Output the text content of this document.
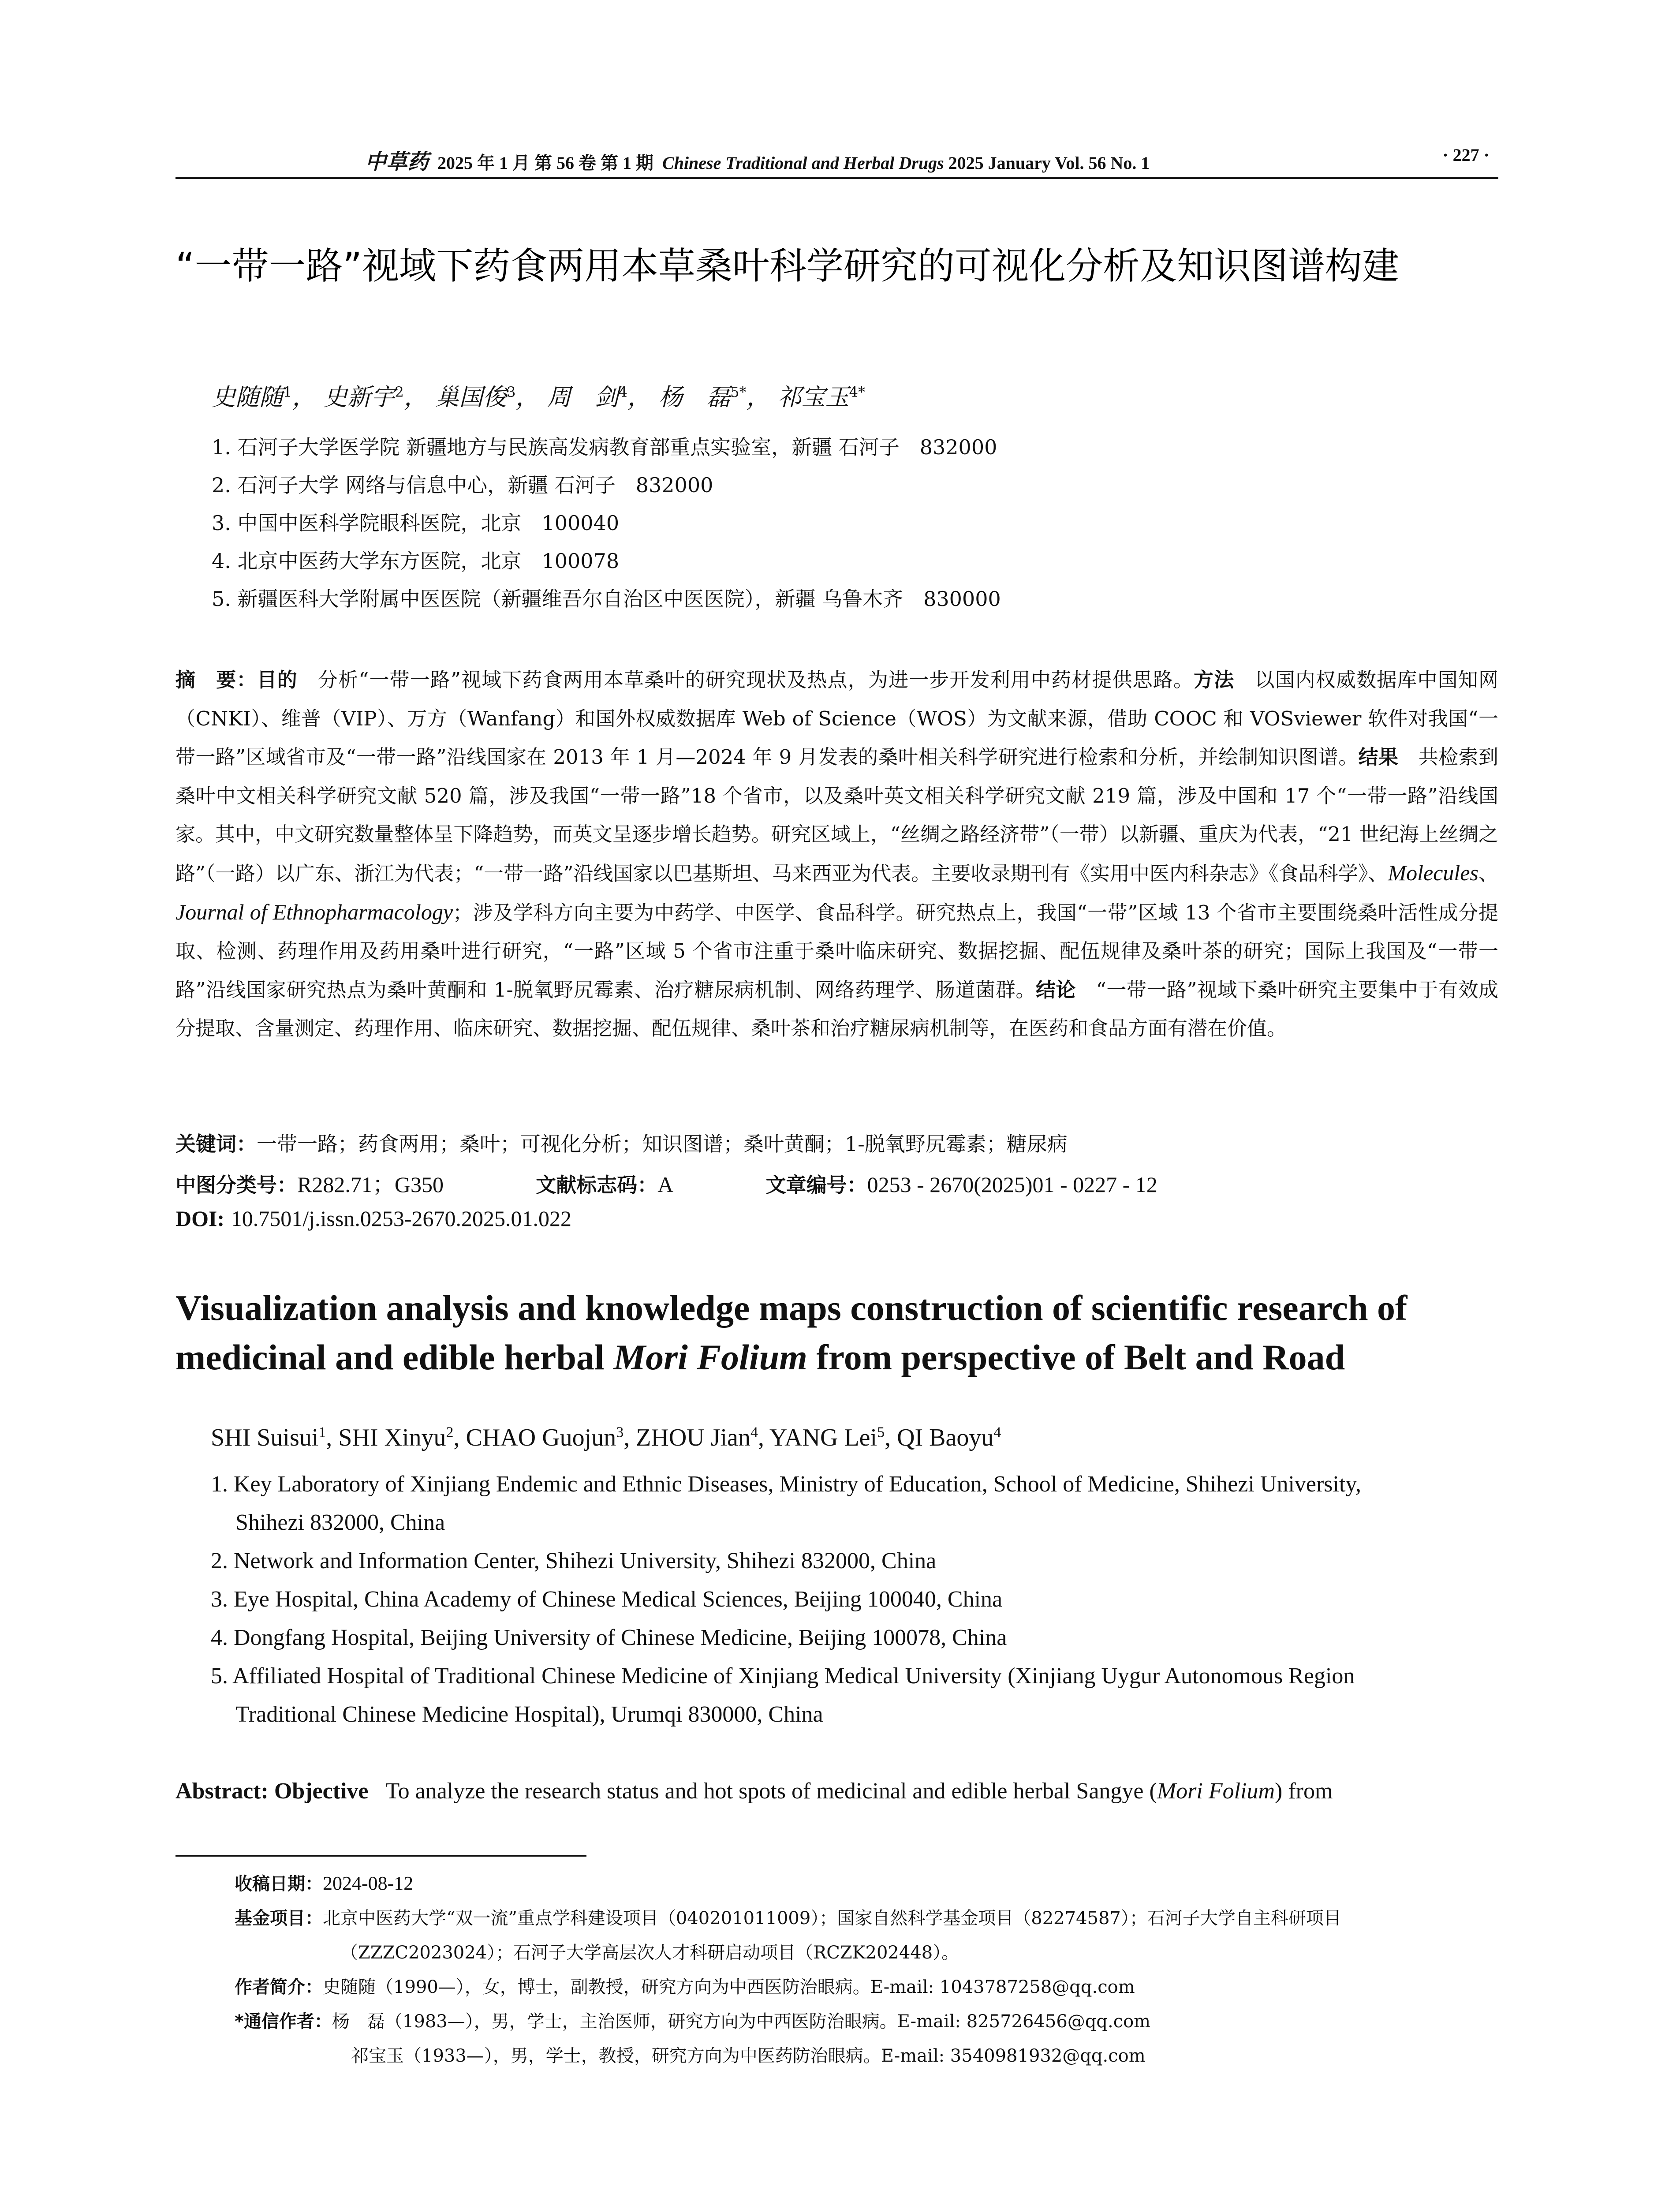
中草药 2025 年 1 月 第 56 卷 第 1 期 Chinese Traditional and Herbal Drugs 2025 January Vol. 56 No. 1	· 227 ·
“一带一路”视域下药食两用本草桑叶科学研究的可视化分析及知识图谱构建
史随随$^1$， 史新宇$^2$， 巢国俊$^3$， 周　剑$^4$， 杨　磊$^{5*}$， 祁宝玉$^{4*}$
1. 石河子大学医学院 新疆地方与民族高发病教育部重点实验室，新疆 石河子　832000
2. 石河子大学 网络与信息中心，新疆 石河子　832000
3. 中国中医科学院眼科医院，北京　100040
4. 北京中医药大学东方医院，北京　100078
5. 新疆医科大学附属中医医院（新疆维吾尔自治区中医医院），新疆 乌鲁木齐　830000
摘　要：目的　 分析“一带一路”视域下药食两用本草桑叶的研究现状及热点，为进一步开发利用中药材提供思路。方法　 以国内权威数据库中国知网（CNKI）、维普（VIP）、万方（Wanfang）和国外权威数据库 Web of Science（WOS）为文献来源，借助 COOC 和 VOSviewer 软件对我国“一带一路”区域省市及“一带一路”沿线国家在 2013 年 1 月—2024 年 9 月发表的桑叶相关科学研究进行检索和分析，并绘制知识图谱。结果　 共检索到桑叶中文相关科学研究文献 520 篇，涉及我国“一带一路”18 个省市，以及桑叶英文相关科学研究文献 219 篇，涉及中国和 17 个“一带一路”沿线国家。其中，中文研究数量整体呈下降趋势，而英文呈逐步增长趋势。研究区域上，“丝绸之路经济带”（一带）以新疆、重庆为代表，“21 世纪海上丝绸之路”（一路）以广东、浙江为代表；“一带一路”沿线国家以巴基斯坦、马来西亚为代表。主要收录期刊有《实用中医内科杂志》《食品科学》、Molecules、Journal of Ethnopharmacology；涉及学科方向主要为中药学、中医学、食品科学。研究热点上，我国“一带”区域 13 个省市主要围绕桑叶活性成分提取、检测、药理作用及药用桑叶进行研究，“一路”区域 5 个省市注重于桑叶临床研究、数据挖掘、配伍规律及桑叶茶的研究；国际上我国及“一带一路”沿线国家研究热点为桑叶黄酮和 1-脱氧野尻霉素、治疗糖尿病机制、网络药理学、肠道菌群。结论　 “一带一路”视域下桑叶研究主要集中于有效成分提取、含量测定、药理作用、临床研究、数据挖掘、配伍规律、桑叶茶和治疗糖尿病机制等，在医药和食品方面有潜在价值。
关键词：一带一路；药食两用；桑叶；可视化分析；知识图谱；桑叶黄酮；1-脱氧野尻霉素；糖尿病
中图分类号：R282.71；G350	文献标志码：A	文章编号：0253 - 2670(2025)01 - 0227 - 12
DOI: 10.7501/j.issn.0253-2670.2025.01.022
Visualization analysis and knowledge maps construction of scientific research of medicinal and edible herbal Mori Folium from perspective of Belt and Road
SHI Suisui$^1$, SHI Xinyu$^2$, CHAO Guojun$^3$, ZHOU Jian$^4$, YANG Lei$^5$, QI Baoyu$^4$
1. Key Laboratory of Xinjiang Endemic and Ethnic Diseases, Ministry of Education, School of Medicine, Shihezi University,
Shihezi 832000, China
2. Network and Information Center, Shihezi University, Shihezi 832000, China
3. Eye Hospital, China Academy of Chinese Medical Sciences, Beijing 100040, China
4. Dongfang Hospital, Beijing University of Chinese Medicine, Beijing 100078, China
5. Affiliated Hospital of Traditional Chinese Medicine of Xinjiang Medical University (Xinjiang Uygur Autonomous Region
Traditional Chinese Medicine Hospital), Urumqi 830000, China
Abstract: Objective To analyze the research status and hot spots of medicinal and edible herbal Sangye (Mori Folium) from
收稿日期：2024-08-12
基金项目：北京中医药大学“双一流”重点学科建设项目（040201011009）；国家自然科学基金项目（82274587）；石河子大学自主科研项目
（ZZZC2023024）；石河子大学高层次人才科研启动项目（RCZK202448）。
作者简介：史随随（1990—），女，博士，副教授，研究方向为中西医防治眼病。E-mail: 1043787258@qq.com
*通信作者：杨　磊（1983—），男，学士，主治医师，研究方向为中西医防治眼病。E-mail: 825726456@qq.com
祁宝玉（1933—），男，学士，教授，研究方向为中医药防治眼病。E-mail: 3540981932@qq.com
